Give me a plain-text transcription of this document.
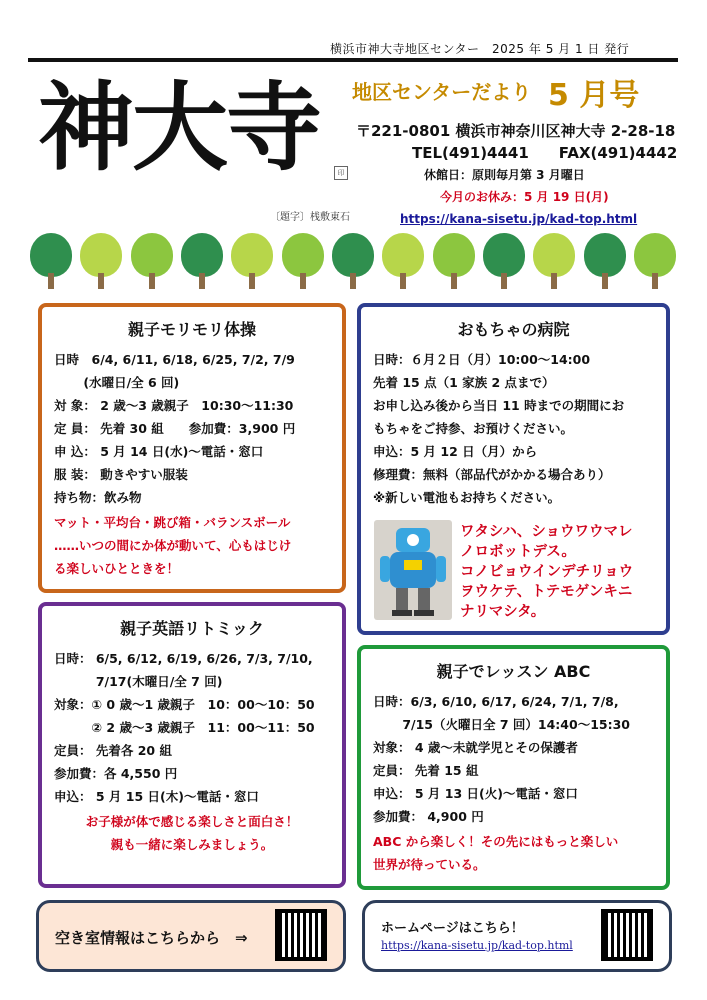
横浜市神大寺地区センター　2025 年 5 月 1 日 発行
神大寺	印
〔題字〕桟敷東石
地区センターだより 5 月号
〒221-0801 横浜市神奈川区神大寺 2-28-18
TEL(491)4441　　FAX(491)4442
休館日：原則毎月第 3 月曜日
今月のお休み：5 月 19 日(月)
https://kana-sisetu.jp/kad-top.html
親子モリモリ体操
日時　6/4, 6/11, 6/18, 6/25, 7/2, 7/9
　　 (水曜日/全 6 回)
対 象： 2 歳～3 歳親子　10:30～11:30
定 員： 先着 30 組　　参加費：3,900 円
申 込： 5 月 14 日(水)～電話・窓口
服 装： 動きやすい服装
持ち物：飲み物
マット・平均台・跳び箱・バランスボール
……いつの間にか体が動いて、心もはじけ
る楽しいひとときを！
親子英語リトミック
日時： 6/5, 6/12, 6/19, 6/26, 7/3, 7/10,
　　　 7/17(木曜日/全 7 回)
対象：① 0 歳～1 歳親子　10：00～10：50
　　　② 2 歳～3 歳親子　11：00～11：50
定員： 先着各 20 組
参加費：各 4,550 円
申込： 5 月 15 日(木)～電話・窓口
お子様が体で感じる楽しさと面白さ！
親も一緒に楽しみましょう。
おもちゃの病院
日時：６月２日（月）10:00～14:00
先着 15 点（1 家族 2 点まで）
お申し込み後から当日 11 時までの期間にお
もちゃをご持参、お預けください。
申込：5 月 12 日（月）から
修理費：無料（部品代がかかる場合あり）
※新しい電池もお持ちください。
ワタシハ、ショウワウマレ
ノロボットデス。
コノビョウインデチリョウ
ヲウケテ、トテモゲンキニ
ナリマシタ。
親子でレッスン ABC
日時：6/3, 6/10, 6/17, 6/24, 7/1, 7/8,
　　 7/15（火曜日全 7 回）14:40～15:30
対象： 4 歳～未就学児とその保護者
定員： 先着 15 組
申込： 5 月 13 日(火)～電話・窓口
参加費： 4,900 円
ABC から楽しく！その先にはもっと楽しい
世界が待っている。
空き室情報はこちらから　⇒
ホームページはこちら！
https://kana-sisetu.jp/kad-top.html
